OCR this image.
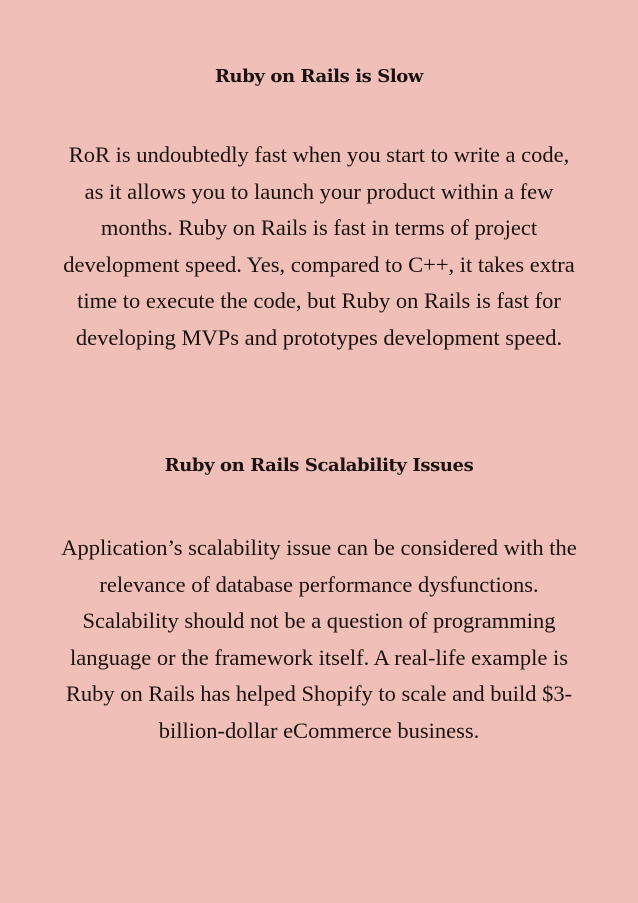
Ruby on Rails is Slow

RoR is undoubtedly fast when you start to write a code, as it allows you to launch your product within a few months. Ruby on Rails is fast in terms of project development speed. Yes, compared to C++, it takes extra time to execute the code, but Ruby on Rails is fast for developing MVPs and prototypes development speed.

Ruby on Rails Scalability Issues

Application’s scalability issue can be considered with the relevance of database performance dysfunctions. Scalability should not be a question of programming language or the framework itself. A real-life example is Ruby on Rails has helped Shopify to scale and build $3-billion-dollar eCommerce business.
